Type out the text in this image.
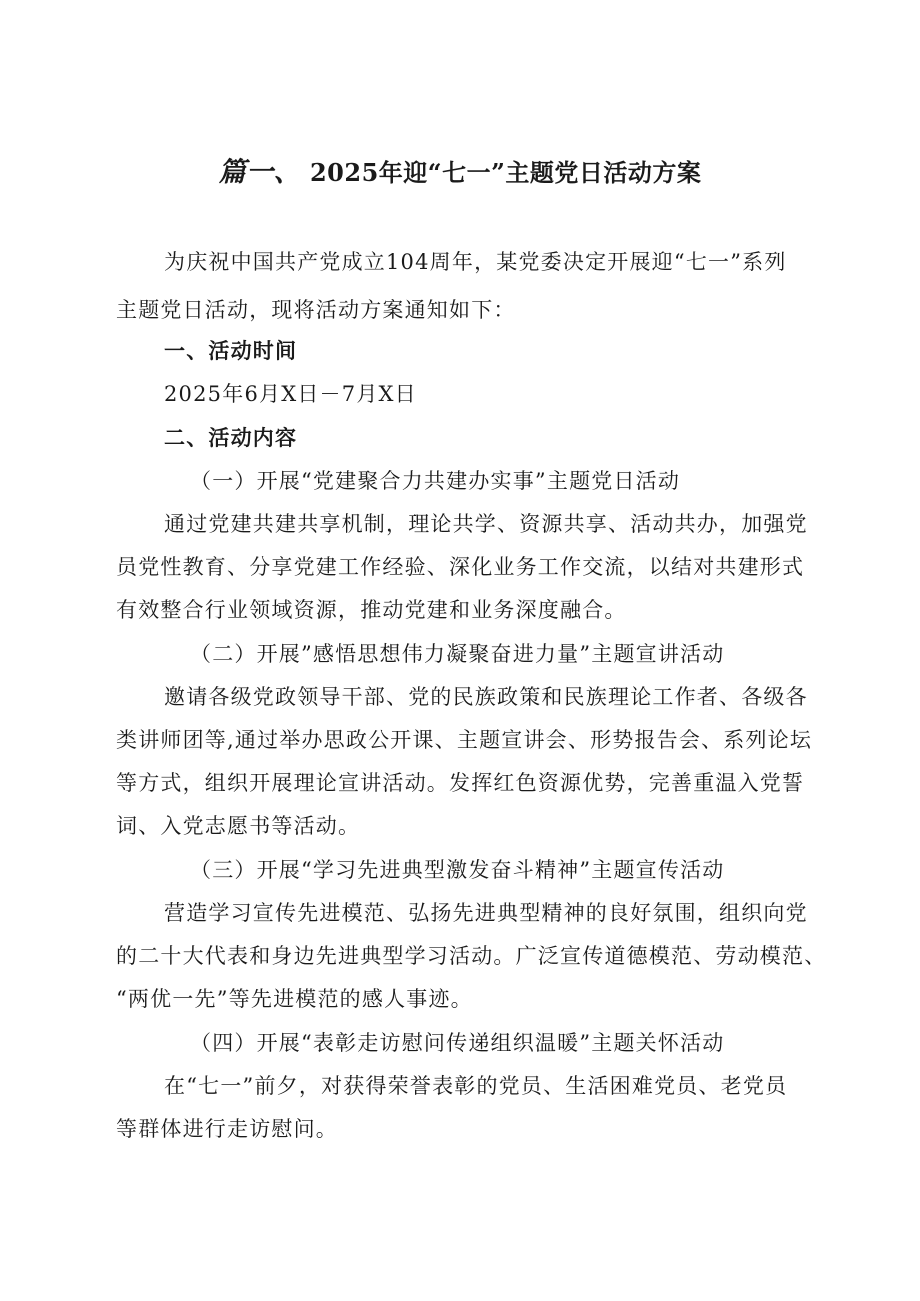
篇一、 2025年迎“七一”主题党日活动方案
为庆祝中国共产党成立104周年，某党委决定开展迎“七一”系列
主题党日活动，现将活动方案通知如下：
一、活动时间
2025年6月X日－7月X日
二、活动内容
（一）开展“党建聚合力共建办实事”主题党日活动
通过党建共建共享机制，理论共学、资源共享、活动共办，加强党
员党性教育、分享党建工作经验、深化业务工作交流，以结对共建形式
有效整合行业领域资源，推动党建和业务深度融合。
（二）开展”感悟思想伟力凝聚奋进力量”主题宣讲活动
邀请各级党政领导干部、党的民族政策和民族理论工作者、各级各
类讲师团等,通过举办思政公开课、主题宣讲会、形势报告会、系列论坛
等方式，组织开展理论宣讲活动。发挥红色资源优势，完善重温入党誓
词、入党志愿书等活动。
（三）开展“学习先进典型激发奋斗精神”主题宣传活动
营造学习宣传先进模范、弘扬先进典型精神的良好氛围，组织向党
的二十大代表和身边先进典型学习活动。广泛宣传道德模范、劳动模范、
“两优一先”等先进模范的感人事迹。
（四）开展“表彰走访慰问传递组织温暖”主题关怀活动
在“七一”前夕，对获得荣誉表彰的党员、生活困难党员、老党员
等群体进行走访慰问。
